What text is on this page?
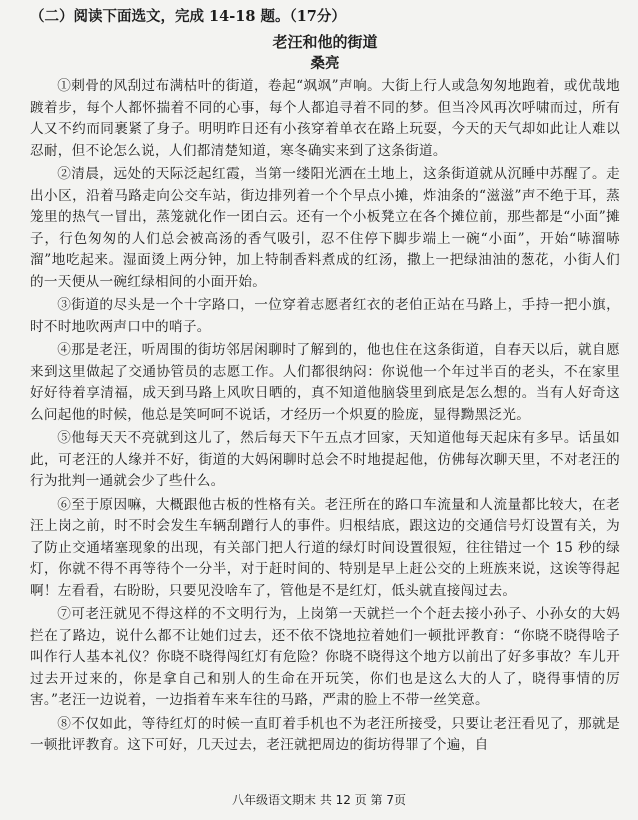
（二）阅读下面选文，完成 14-18 题。（17分）

老汪和他的街道

桑亮

①刺骨的风刮过布满枯叶的街道，卷起“飒飒”声响。大街上行人或急匆匆地跑着，或优哉地踱着步，每个人都怀揣着不同的心事，每个人都追寻着不同的梦。但当冷风再次呼啸而过，所有人又不约而同裹紧了身子。明明昨日还有小孩穿着单衣在路上玩耍，今天的天气却如此让人难以忍耐，但不论怎么说，人们都清楚知道，寒冬确实来到了这条街道。

②清晨，远处的天际泛起红霞，当第一缕阳光洒在土地上，这条街道就从沉睡中苏醒了。走出小区，沿着马路走向公交车站，街边排列着一个个早点小摊，炸油条的“滋滋”声不绝于耳，蒸笼里的热气一冒出，蒸笼就化作一团白云。还有一个小板凳立在各个摊位前，那些都是“小面”摊子，行色匆匆的人们总会被高汤的香气吸引，忍不住停下脚步端上一碗“小面”，开始“哧溜哧溜”地吃起来。湿面烫上两分钟，加上特制香料煮成的红汤，撒上一把绿油油的葱花，小街人们的一天便从一碗红绿相间的小面开始。

③街道的尽头是一个十字路口，一位穿着志愿者红衣的老伯正站在马路上，手持一把小旗，时不时地吹两声口中的哨子。

④那是老汪，听周围的街坊邻居闲聊时了解到的，他也住在这条街道，自春天以后，就自愿来到这里做起了交通协管员的志愿工作。人们都很纳闷：你说他一个年过半百的老头，不在家里好好待着享清福，成天到马路上风吹日晒的，真不知道他脑袋里到底是怎么想的。当有人好奇这么问起他的时候，他总是笑呵呵不说话，才经历一个炽夏的脸庞，显得黝黑泛光。

⑤他每天天不亮就到这儿了，然后每天下午五点才回家，天知道他每天起床有多早。话虽如此，可老汪的人缘并不好，街道的大妈闲聊时总会不时地提起他，仿佛每次聊天里，不对老汪的行为批判一通就会少了些什么。

⑥至于原因嘛，大概跟他古板的性格有关。老汪所在的路口车流量和人流量都比较大，在老汪上岗之前，时不时会发生车辆刮蹭行人的事件。归根结底，跟这边的交通信号灯设置有关，为了防止交通堵塞现象的出现，有关部门把人行道的绿灯时间设置很短，往往错过一个 15 秒的绿灯，你就不得不再等待个一分半，对于赶时间的、特别是早上赶公交的上班族来说，这诶等得起啊！左看看，右盼盼，只要见没啥车了，管他是不是红灯，低头就直接闯过去。

⑦可老汪就见不得这样的不文明行为，上岗第一天就拦一个个赶去接小孙子、小孙女的大妈拦在了路边，说什么都不让她们过去，还不依不饶地拉着她们一顿批评教育：“你晓不晓得啥子叫作行人基本礼仪？你晓不晓得闯红灯有危险？你晓不晓得这个地方以前出了好多事故？车儿开过去开过来的，你是拿自己和别人的生命在开玩笑，你们也是这么大的人了，晓得事情的厉害。”老汪一边说着，一边指着车来车往的马路，严肃的脸上不带一丝笑意。

⑧不仅如此，等待红灯的时候一直盯着手机也不为老汪所接受，只要让老汪看见了，那就是一顿批评教育。这下可好，几天过去，老汪就把周边的街坊得罪了个遍，自

八年级语文期末 共 12 页 第 7页
